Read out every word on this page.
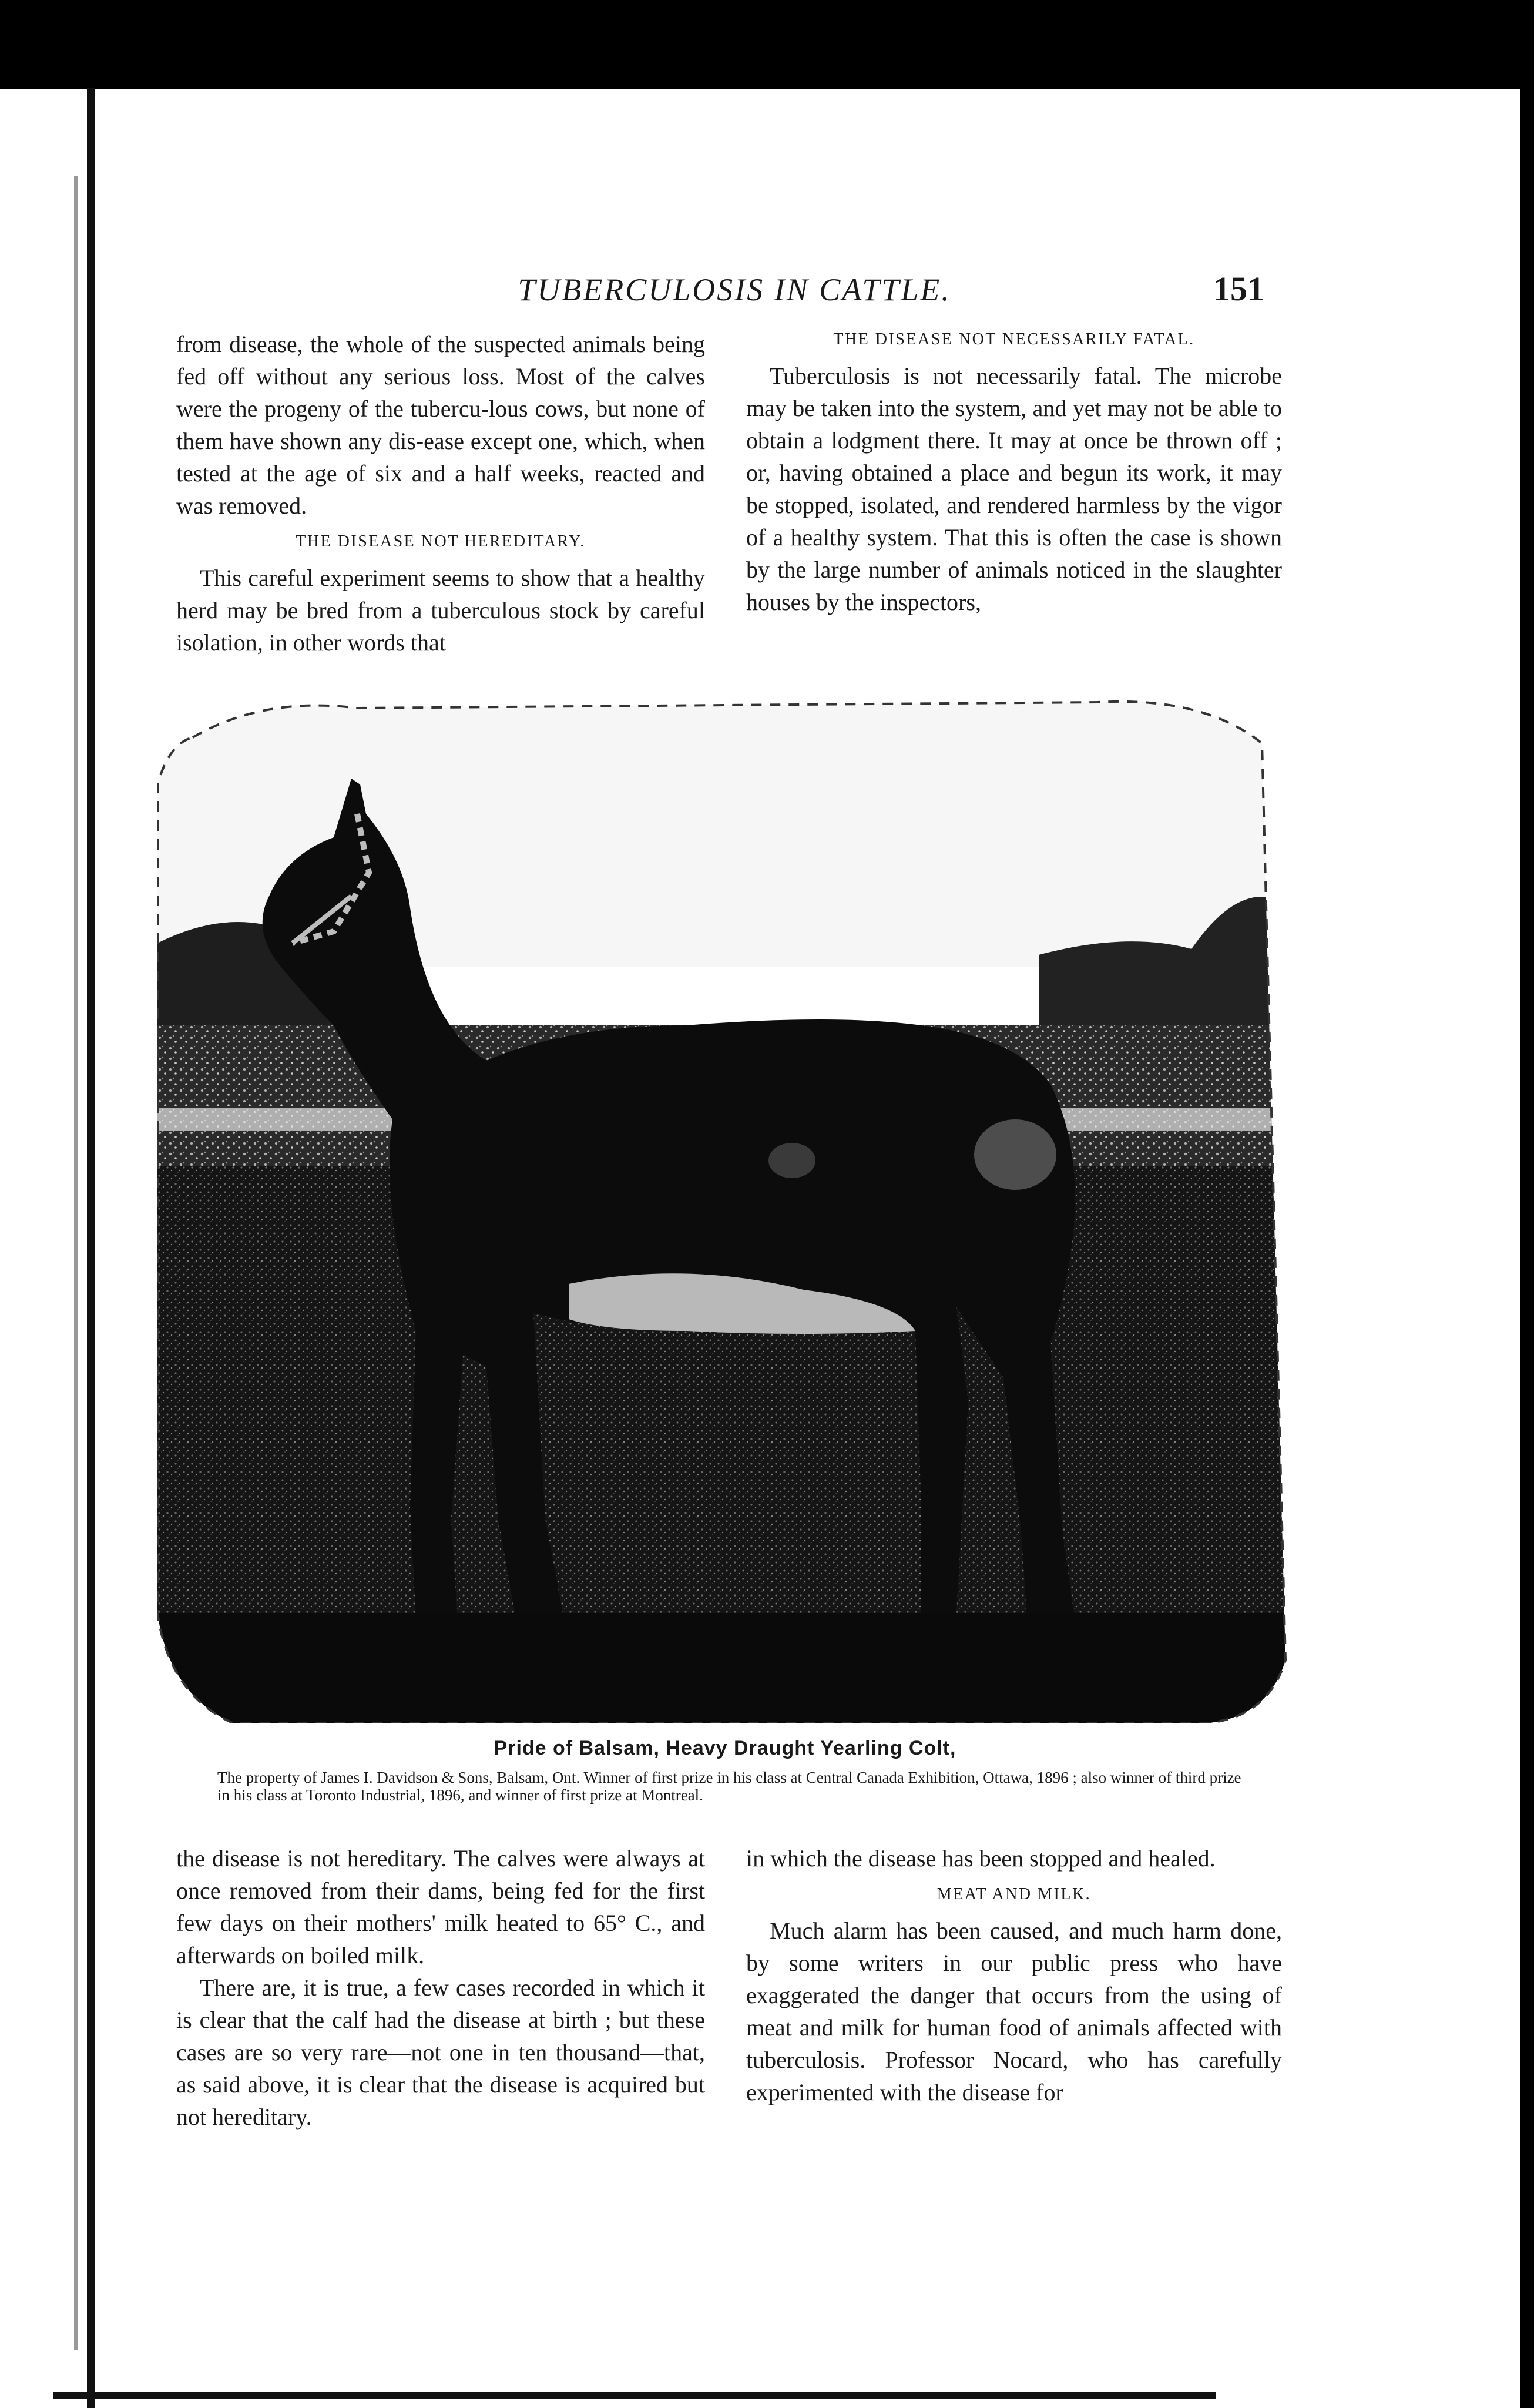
TUBERCULOSIS IN CATTLE.	151

from disease, the whole of the suspected animals being fed off without any serious loss. Most of the calves were the progeny of the tubercu-lous cows, but none of them have shown any dis-ease except one, which, when tested at the age of six and a half weeks, reacted and was removed.

THE DISEASE NOT HEREDITARY.

This careful experiment seems to show that a healthy herd may be bred from a tuberculous stock by careful isolation, in other words that

THE DISEASE NOT NECESSARILY FATAL.

Tuberculosis is not necessarily fatal. The microbe may be taken into the system, and yet may not be able to obtain a lodgment there. It may at once be thrown off ; or, having obtained a place and begun its work, it may be stopped, isolated, and rendered harmless by the vigor of a healthy system. That this is often the case is shown by the large number of animals noticed in the slaughter houses by the inspectors,

Pride of Balsam, Heavy Draught Yearling Colt,
The property of James I. Davidson & Sons, Balsam, Ont. Winner of first prize in his class at Central Canada Exhibition, Ottawa, 1896 ; also winner of third prize in his class at Toronto Industrial, 1896, and winner of first prize at Montreal.

the disease is not hereditary. The calves were always at once removed from their dams, being fed for the first few days on their mothers' milk heated to 65° C., and afterwards on boiled milk.

There are, it is true, a few cases recorded in which it is clear that the calf had the disease at birth ; but these cases are so very rare—not one in ten thousand—that, as said above, it is clear that the disease is acquired but not hereditary.

in which the disease has been stopped and healed.

MEAT AND MILK.

Much alarm has been caused, and much harm done, by some writers in our public press who have exaggerated the danger that occurs from the using of meat and milk for human food of animals affected with tuberculosis. Professor Nocard, who has carefully experimented with the disease for
